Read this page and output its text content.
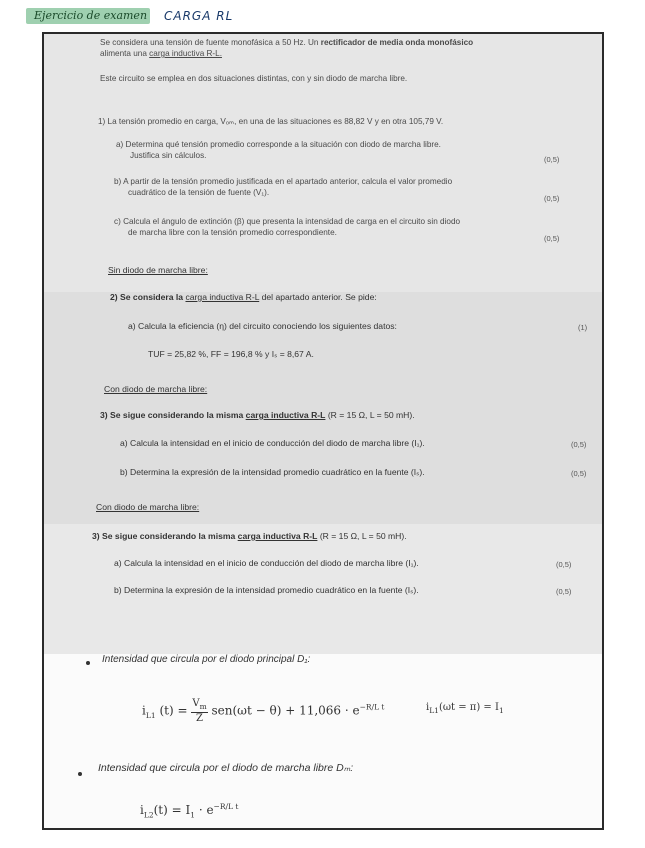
Ejercicio de examen CARGA RL
Se considera una tensión de fuente monofásica a 50 Hz. Un rectificador de media onda monofásico
alimenta una carga inductiva R-L.
Este circuito se emplea en dos situaciones distintas, con y sin diodo de marcha libre.
1) La tensión promedio en carga, Vₒₘ, en una de las situaciones es 88,82 V y en otra 105,79 V.
a) Determina qué tensión promedio corresponde a la situación con diodo de marcha libre.
Justifica sin cálculos.	(0,5)
b) A partir de la tensión promedio justificada en el apartado anterior, calcula el valor promedio
cuadrático de la tensión de fuente (V₁).
(0,5)
c) Calcula el ángulo de extinción (β) que presenta la intensidad de carga en el circuito sin diodo
de marcha libre con la tensión promedio correspondiente.
(0,5)
Sin diodo de marcha libre:
2) Se considera la carga inductiva R-L del apartado anterior. Se pide:
a) Calcula la eficiencia (η) del circuito conociendo los siguientes datos:	(1)
TUF = 25,82 %, FF = 196,8 % y Iₛ = 8,67 A.
Con diodo de marcha libre:
3) Se sigue considerando la misma carga inductiva R-L (R = 15 Ω, L = 50 mH).
a) Calcula la intensidad en el inicio de conducción del diodo de marcha libre (I₁).	(0,5)
b) Determina la expresión de la intensidad promedio cuadrático en la fuente (Iₛ).	(0,5)
Con diodo de marcha libre:
3) Se sigue considerando la misma carga inductiva R-L (R = 15 Ω, L = 50 mH).
a) Calcula la intensidad en el inicio de conducción del diodo de marcha libre (I₁).	(0,5)
b) Determina la expresión de la intensidad promedio cuadrático en la fuente (Iₛ).	(0,5)
Intensidad que circula por el diodo principal D₁:
$i_{L1}$ $(t) = \frac{V_m}{Z} sen(\omega t - \theta) + 11,066 \cdot e^{-R/L t}$	$i_{L1}(\omega t = \pi) = I_1$
Intensidad que circula por el diodo de marcha libre Dₘ:
$i_{L2}(t) = I_1 \cdot e^{-R/L t}$
